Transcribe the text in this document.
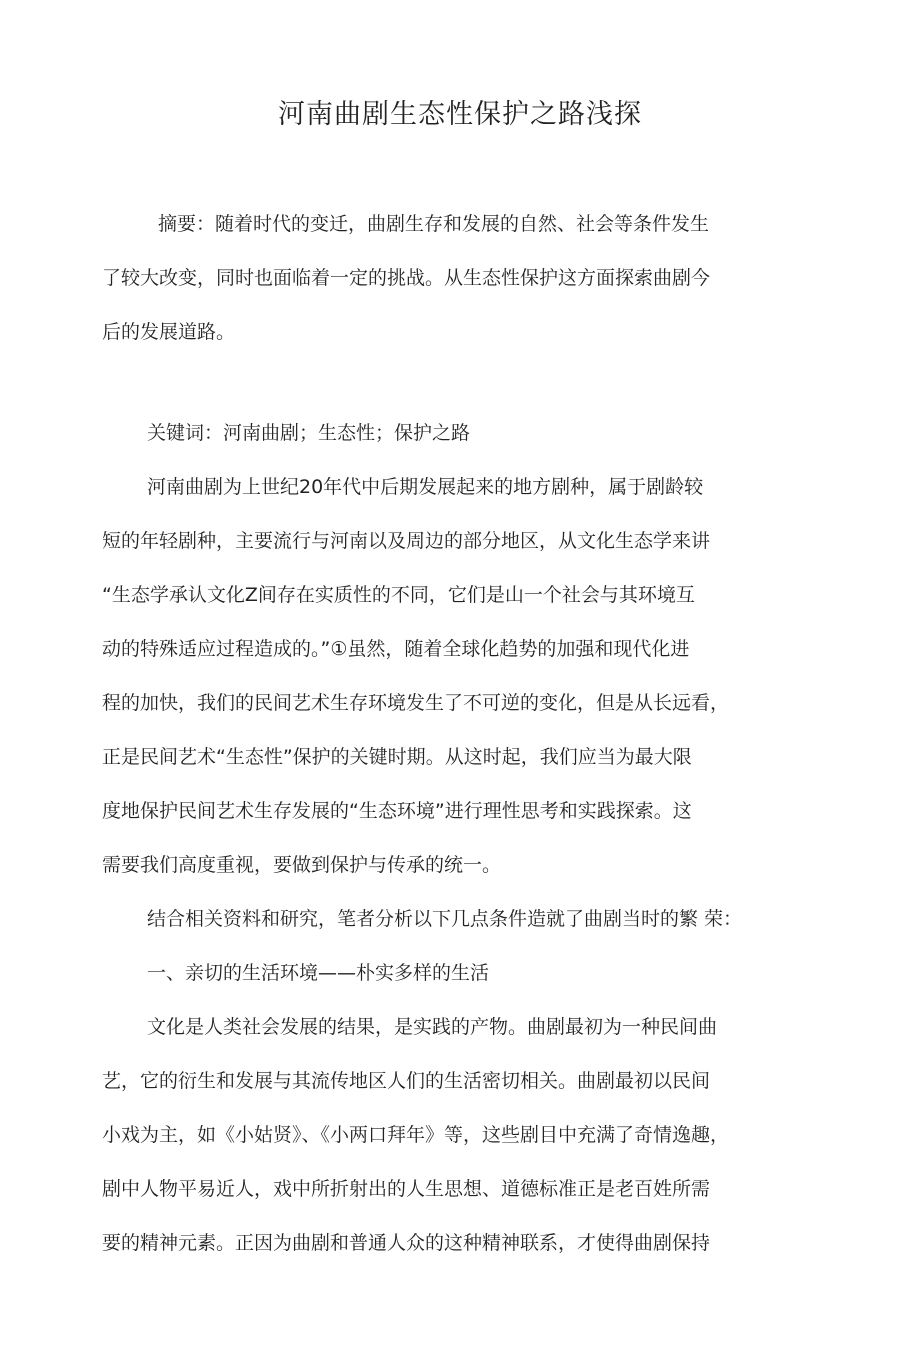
河南曲剧生态性保护之路浅探
摘要：随着时代的变迁，曲剧生存和发展的自然、社会等条件发生
了较大改变，同时也面临着一定的挑战。从生态性保护这方面探索曲剧今
后的发展道路。
关键词：河南曲剧；生态性；保护之路
河南曲剧为上世纪20年代中后期发展起来的地方剧种，属于剧龄较
短的年轻剧种，主要流行与河南以及周边的部分地区，从文化生态学来讲
“生态学承认文化Z间存在实质性的不同，它们是山一个社会与其环境互
动的特殊适应过程造成的。”①虽然，随着全球化趋势的加强和现代化进
程的加快，我们的民间艺术生存环境发生了不可逆的变化，但是从长远看，
正是民间艺术“生态性”保护的关键时期。从这时起，我们应当为最大限
度地保护民间艺术生存发展的“生态环境”进行理性思考和实践探索。这
需要我们高度重视，要做到保护与传承的统一。
结合相关资料和研究，笔者分析以下几点条件造就了曲剧当时的繁 荣：
一、亲切的生活环境——朴实多样的生活
文化是人类社会发展的结果，是实践的产物。曲剧最初为一种民间曲
艺，它的衍生和发展与其流传地区人们的生活密切相关。曲剧最初以民间
小戏为主，如《小姑贤》、《小两口拜年》等，这些剧目中充满了奇情逸趣，
剧中人物平易近人，戏中所折射出的人生思想、道德标准正是老百姓所需
要的精神元素。正因为曲剧和普通人众的这种精神联系，才使得曲剧保持
